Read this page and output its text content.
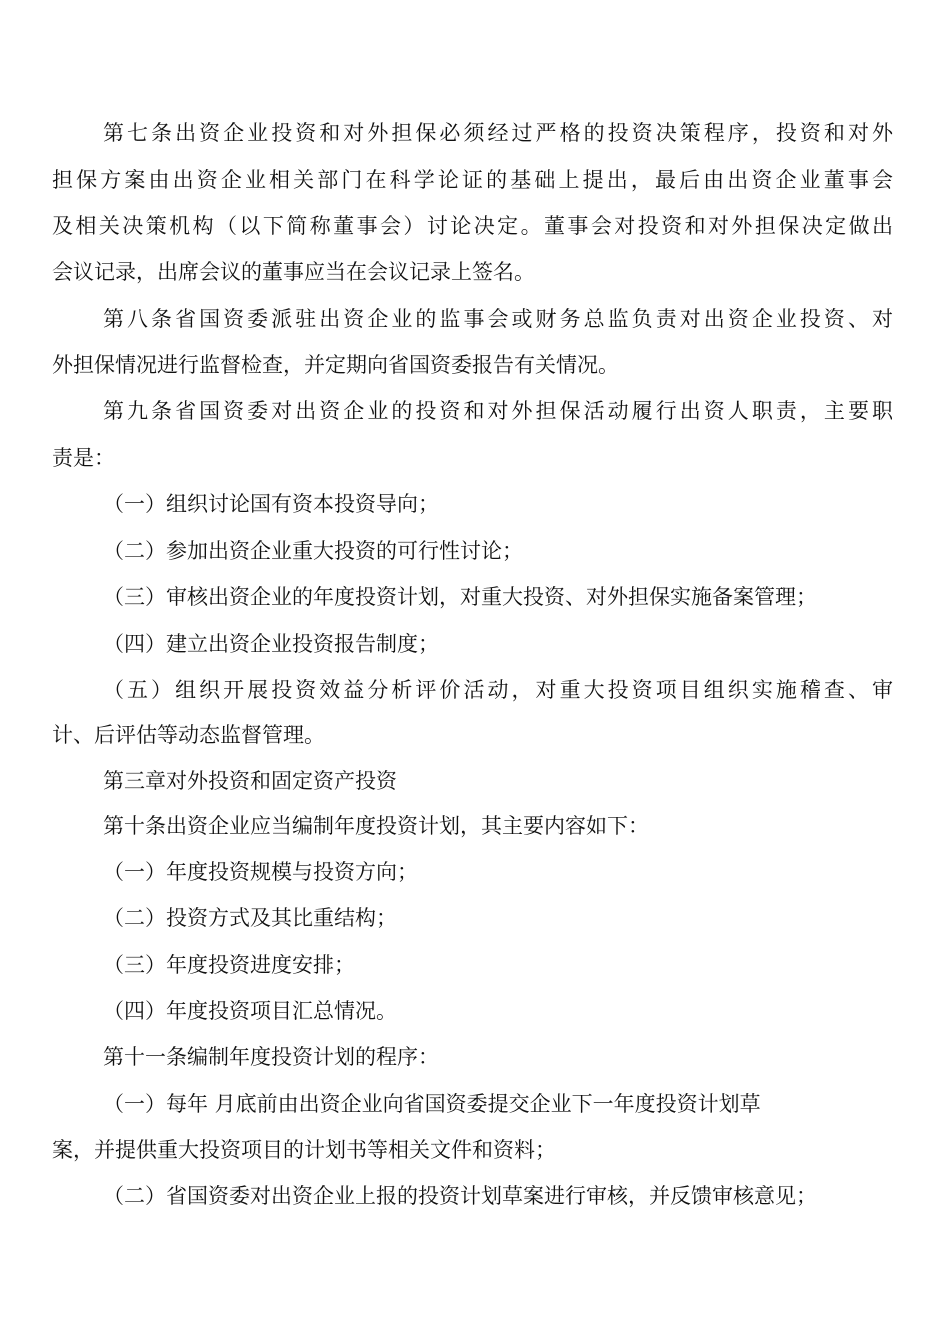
第七条出资企业投资和对外担保必须经过严格的投资决策程序，投资和对外
担保方案由出资企业相关部门在科学论证的基础上提出，最后由出资企业董事会
及相关决策机构（以下简称董事会）讨论决定。董事会对投资和对外担保决定做出
会议记录，出席会议的董事应当在会议记录上签名。
第八条省国资委派驻出资企业的监事会或财务总监负责对出资企业投资、对
外担保情况进行监督检查，并定期向省国资委报告有关情况。
第九条省国资委对出资企业的投资和对外担保活动履行出资人职责，主要职
责是：
（一）组织讨论国有资本投资导向；
（二）参加出资企业重大投资的可行性讨论；
（三）审核出资企业的年度投资计划，对重大投资、对外担保实施备案管理；
（四）建立出资企业投资报告制度；
（五）组织开展投资效益分析评价活动，对重大投资项目组织实施稽查、审
计、后评估等动态监督管理。
第三章对外投资和固定资产投资
第十条出资企业应当编制年度投资计划，其主要内容如下：
（一）年度投资规模与投资方向；
（二）投资方式及其比重结构；
（三）年度投资进度安排；
（四）年度投资项目汇总情况。
第十一条编制年度投资计划的程序：
（一）每年 月底前由出资企业向省国资委提交企业下一年度投资计划草
案，并提供重大投资项目的计划书等相关文件和资料；
（二）省国资委对出资企业上报的投资计划草案进行审核，并反馈审核意见；
